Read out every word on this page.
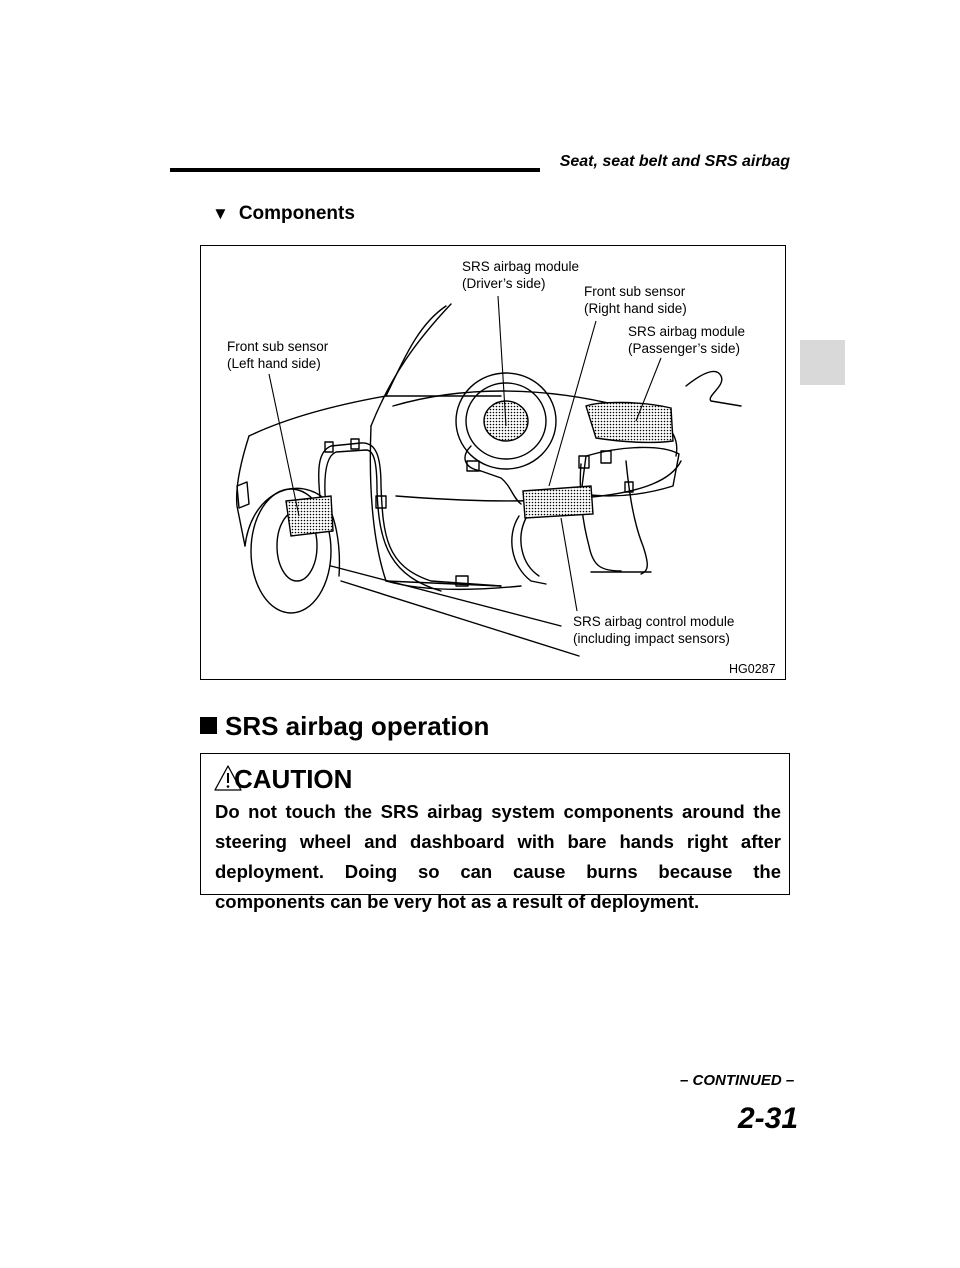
Seat, seat belt and SRS airbag
▼ Components
SRS airbag module
(Driver’s side)
Front sub sensor
(Right hand side)
SRS airbag module
(Passenger’s side)
Front sub sensor
(Left hand side)
SRS airbag control module
(including impact sensors)
HG0287
SRS airbag operation
CAUTION
Do not touch the SRS airbag system components around the steering wheel and dashboard with bare hands right after deployment. Doing so can cause burns because the components can be very hot as a result of deployment.
– CONTINUED –
2-31
